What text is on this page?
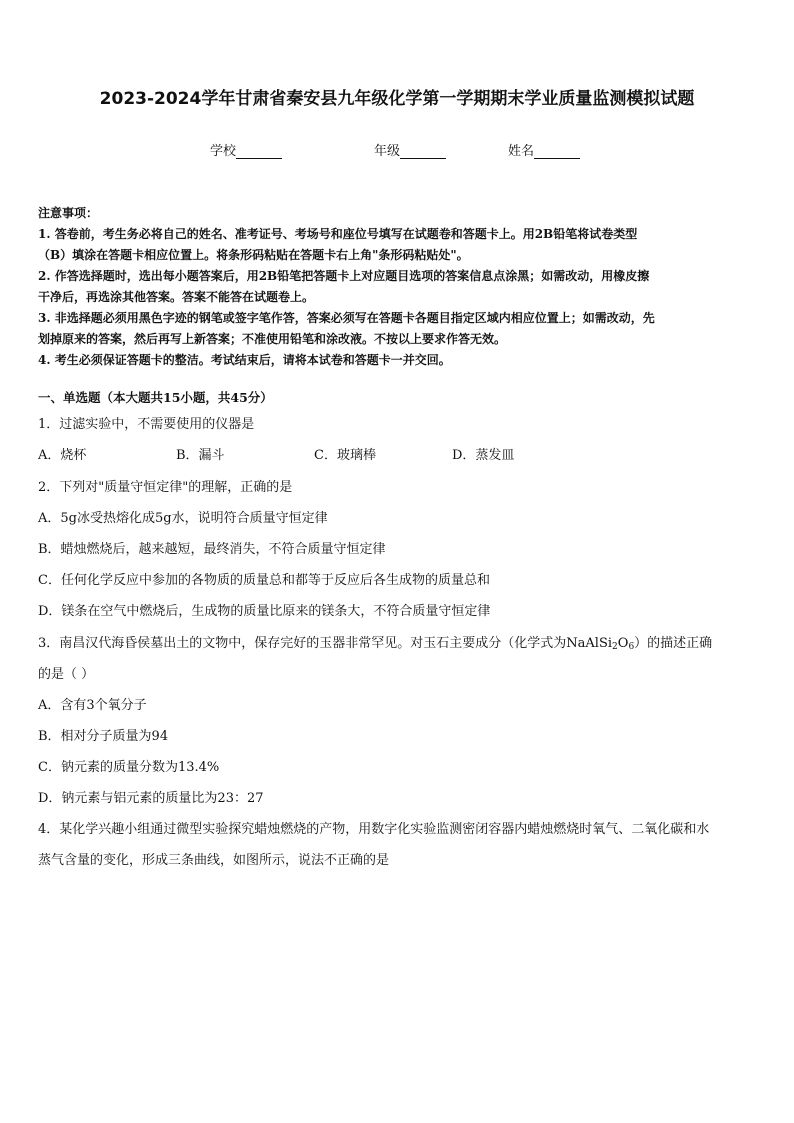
2023-2024学年甘肃省秦安县九年级化学第一学期期末学业质量监测模拟试题
学校	年级	姓名

注意事项：

1. 答卷前，考生务必将自己的姓名、准考证号、考场号和座位号填写在试题卷和答题卡上。用2B铅笔将试卷类型

（B）填涂在答题卡相应位置上。将条形码粘贴在答题卡右上角"条形码粘贴处"。

2. 作答选择题时，选出每小题答案后，用2B铅笔把答题卡上对应题目选项的答案信息点涂黑；如需改动，用橡皮擦

干净后，再选涂其他答案。答案不能答在试题卷上。

3. 非选择题必须用黑色字迹的钢笔或签字笔作答，答案必须写在答题卡各题目指定区域内相应位置上；如需改动，先

划掉原来的答案，然后再写上新答案；不准使用铅笔和涂改液。不按以上要求作答无效。

4. 考生必须保证答题卡的整洁。考试结束后，请将本试卷和答题卡一并交回。

一、单选题（本大题共15小题，共45分）
1．过滤实验中，不需要使用的仪器是
A．烧杯	B．漏斗	C．玻璃棒	D．蒸发皿
2．下列对"质量守恒定律"的理解，正确的是
A．5g冰受热熔化成5g水，说明符合质量守恒定律
B．蜡烛燃烧后，越来越短，最终消失，不符合质量守恒定律
C．任何化学反应中参加的各物质的质量总和都等于反应后各生成物的质量总和
D．镁条在空气中燃烧后，生成物的质量比原来的镁条大，不符合质量守恒定律
3．南昌汉代海昏侯墓出土的文物中，保存完好的玉器非常罕见。对玉石主要成分（化学式为$NaAlSi_2O_6$）的描述正确
的是（ ）
A．含有3个氧分子
B．相对分子质量为94
C．钠元素的质量分数为13.4%
D．钠元素与铝元素的质量比为23：27
4．某化学兴趣小组通过微型实验探究蜡烛燃烧的产物，用数字化实验监测密闭容器内蜡烛燃烧时氧气、二氧化碳和水
蒸气含量的变化，形成三条曲线，如图所示，说法不正确的是
